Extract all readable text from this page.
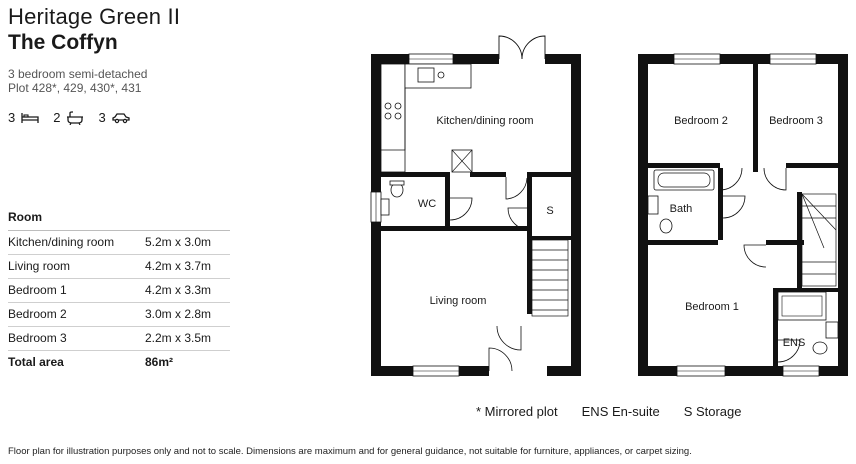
Heritage Green II
The Coffyn
3 bedroom semi-detached
Plot 428*, 429, 430*, 431
3	2	3
Room
Kitchen/dining room	5.2m x 3.0m
Living room	4.2m x 3.7m
Bedroom 1	4.2m x 3.3m
Bedroom 2	3.0m x 2.8m
Bedroom 3	2.2m x 3.5m
Total area	86m²
Kitchen/dining room
WC
S
Living room
Bedroom 2	Bedroom 3
Bath
Bedroom 1
ENS
* Mirrored plot ENS En-suite S Storage
Floor plan for illustration purposes only and not to scale. Dimensions are maximum and for general guidance, not suitable for furniture, appliances, or carpet sizing.
